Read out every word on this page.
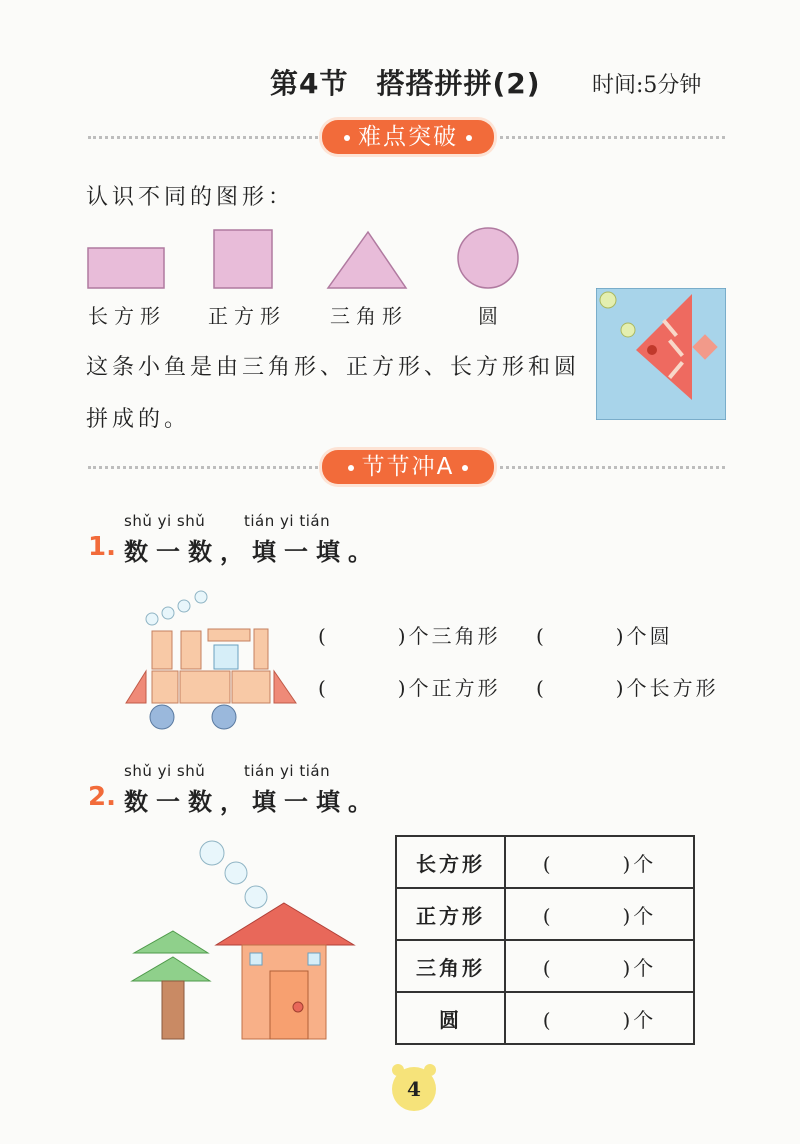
第4节 搭搭拼拼(2) 时间:5分钟
难点突破
认识不同的图形：
长方形 正方形 三角形	圆
这条小鱼是由三角形、正方形、长方形和圆
拼成的。
节节冲A
shǔ yi shǔ	tián yi tián
1. 数一数，填一填。
(　　　)个三角形 (　　　)个圆
(　　　)个正方形 (　　　)个长方形
shǔ yi shǔ	tián yi tián
2. 数一数，填一填。
长方形	(　　　)个
正方形	(　　　)个
三角形	(　　　)个
圆	(　　　)个
4
